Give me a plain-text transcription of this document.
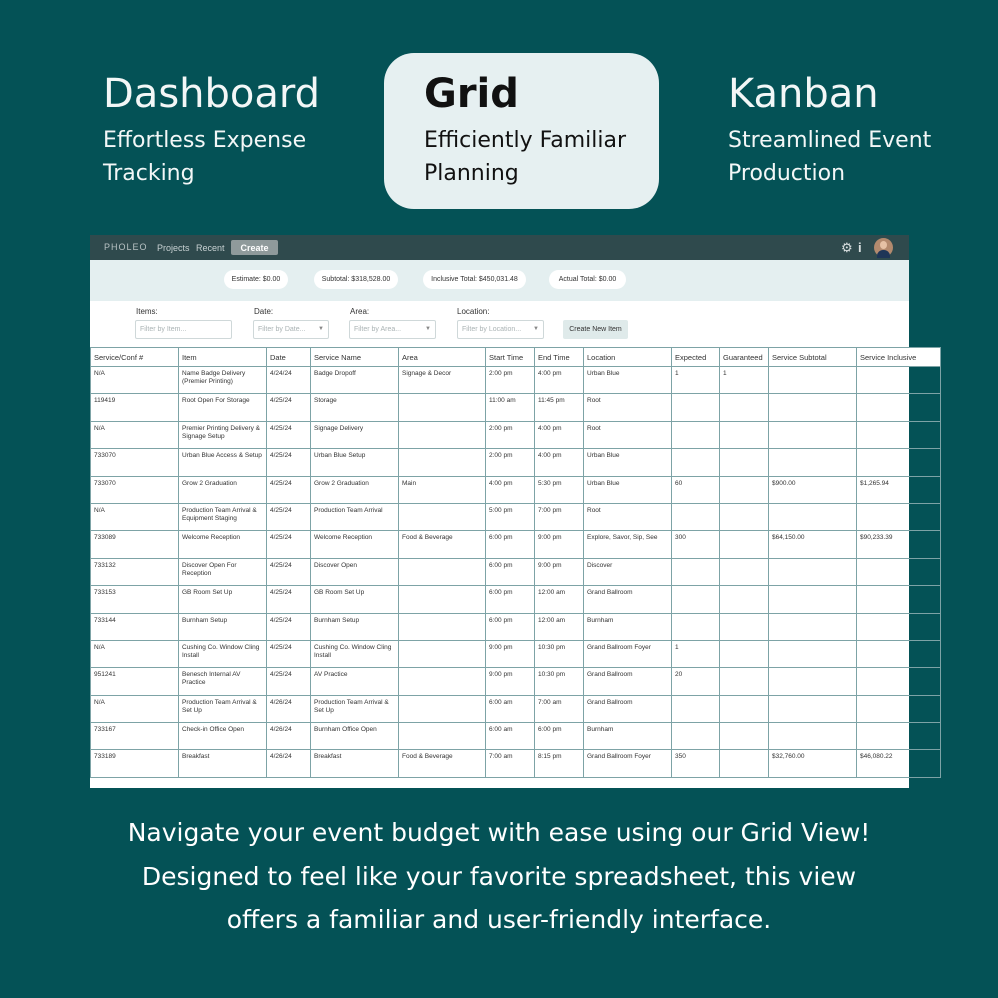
Dashboard
Effortless Expense
Tracking
Grid
Efficiently Familiar
Planning
Kanban
Streamlined Event
Production
PHOLEO Projects Recent	Create	⚙ i
Estimate: $0.00	Subtotal: $318,528.00	Inclusive Total: $450,031.48	Actual Total: $0.00
Items:
Filter by Item...
Date:
Filter by Date... ▼
Area:
Filter by Area...	▼
Location:
Filter by Location... ▼	Create New Item
Service/Conf #	Item	Date	Service Name	Area	Start Time	End Time	Location	Expected	Guaranteed	Service Subtotal	Service Inclusive
N/A	Name Badge Delivery (Premier Printing)	4/24/24	Badge Dropoff	Signage & Decor	2:00 pm	4:00 pm	Urban Blue	1	1		
119419	Root Open For Storage	4/25/24	Storage		11:00 am	11:45 pm	Root				
N/A	Premier Printing Delivery & Signage Setup	4/25/24	Signage Delivery		2:00 pm	4:00 pm	Root				
733070	Urban Blue Access & Setup	4/25/24	Urban Blue Setup		2:00 pm	4:00 pm	Urban Blue				
733070	Grow 2 Graduation	4/25/24	Grow 2 Graduation	Main	4:00 pm	5:30 pm	Urban Blue	60		$900.00	$1,265.94
N/A	Production Team Arrival & Equipment Staging	4/25/24	Production Team Arrival		5:00 pm	7:00 pm	Root				
733089	Welcome Reception	4/25/24	Welcome Reception	Food & Beverage	6:00 pm	9:00 pm	Explore, Savor, Sip, See	300		$64,150.00	$90,233.39
733132	Discover Open For Reception	4/25/24	Discover Open		6:00 pm	9:00 pm	Discover				
733153	GB Room Set Up	4/25/24	GB Room Set Up		6:00 pm	12:00 am	Grand Ballroom				
733144	Burnham Setup	4/25/24	Burnham Setup		6:00 pm	12:00 am	Burnham				
N/A	Cushing Co. Window Cling Install	4/25/24	Cushing Co. Window Cling Install		9:00 pm	10:30 pm	Grand Ballroom Foyer	1			
951241	Benesch Internal AV Practice	4/25/24	AV Practice		9:00 pm	10:30 pm	Grand Ballroom	20			
N/A	Production Team Arrival & Set Up	4/26/24	Production Team Arrival & Set Up		6:00 am	7:00 am	Grand Ballroom				
733167	Check-in Office Open	4/26/24	Burnham Office Open		6:00 am	6:00 pm	Burnham				
733189	Breakfast	4/26/24	Breakfast	Food & Beverage	7:00 am	8:15 pm	Grand Ballroom Foyer	350		$32,760.00	$46,080.22
Navigate your event budget with ease using our Grid View!
Designed to feel like your favorite spreadsheet, this view
offers a familiar and user-friendly interface.
